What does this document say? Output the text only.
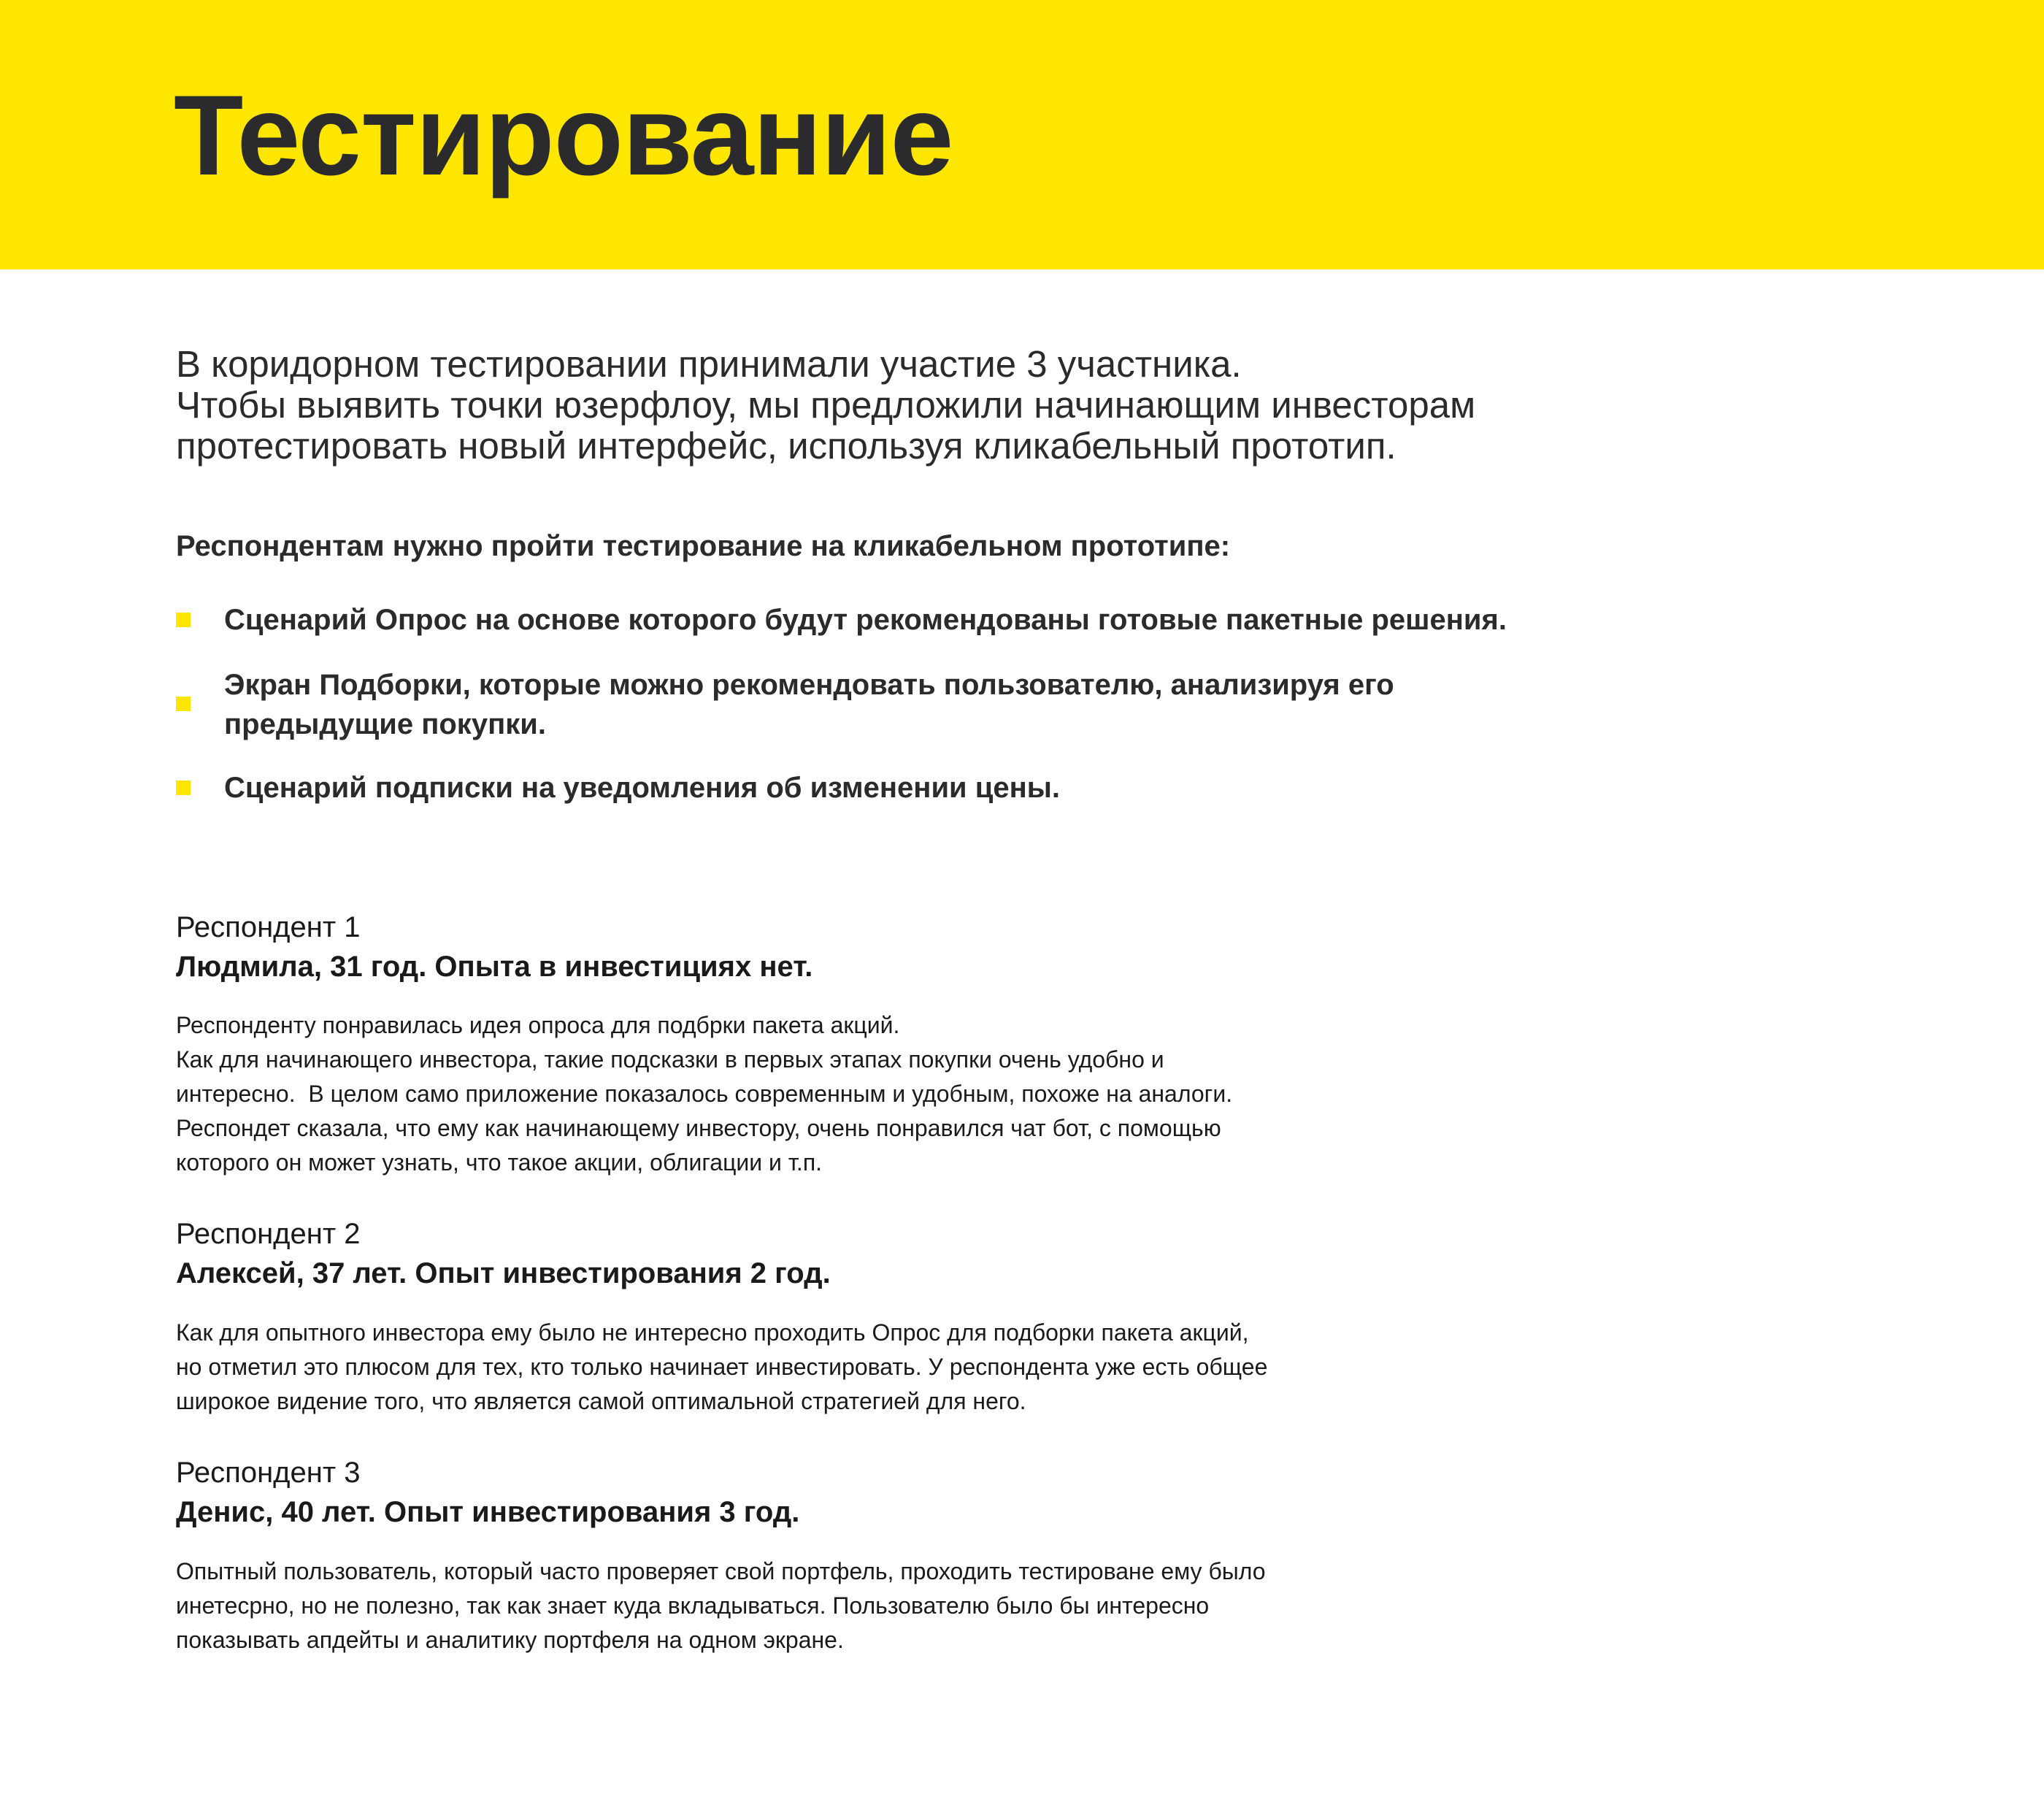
Тестирование
В коридорном тестировании принимали участие 3 участника.
Чтобы выявить точки юзерфлоу, мы предложили начинающим инвесторам
протестировать новый интерфейс, используя кликабельный прототип.
Респондентам нужно пройти тестирование на кликабельном прототипе:
Сценарий Опрос на основе которого будут рекомендованы готовые пакетные решения.
Экран Подборки, которые можно рекомендовать пользователю, анализируя его
предыдущие покупки.
Сценарий подписки на уведомления об изменении цены.
Респондент 1
Людмила, 31 год. Опыта в инвестициях нет.

Респонденту понравилась идея опроса для подбрки пакета акций.
Как для начинающего инвестора, такие подсказки в первых этапах покупки очень удобно и
интересно.  В целом само приложение показалось современным и удобным, похоже на аналоги.
Респондет сказала, что ему как начинающему инвестору, очень понравился чат бот, с помощью
которого он может узнать, что такое акции, облигации и т.п.

Респондент 2
Алексей, 37 лет. Опыт инвестирования 2 год.

Как для опытного инвестора ему было не интересно проходить Опрос для подборки пакета акций,
но отметил это плюсом для тех, кто только начинает инвестировать. У респондента уже есть общее
широкое видение того, что является самой оптимальной стратегией для него.

Респондент 3
Денис, 40 лет. Опыт инвестирования 3 год.

Опытный пользователь, который часто проверяет свой портфель, проходить тестироване ему было
инетесрно, но не полезно, так как знает куда вкладываться. Пользователю было бы интересно
показывать апдейты и аналитику портфеля на одном экране.
